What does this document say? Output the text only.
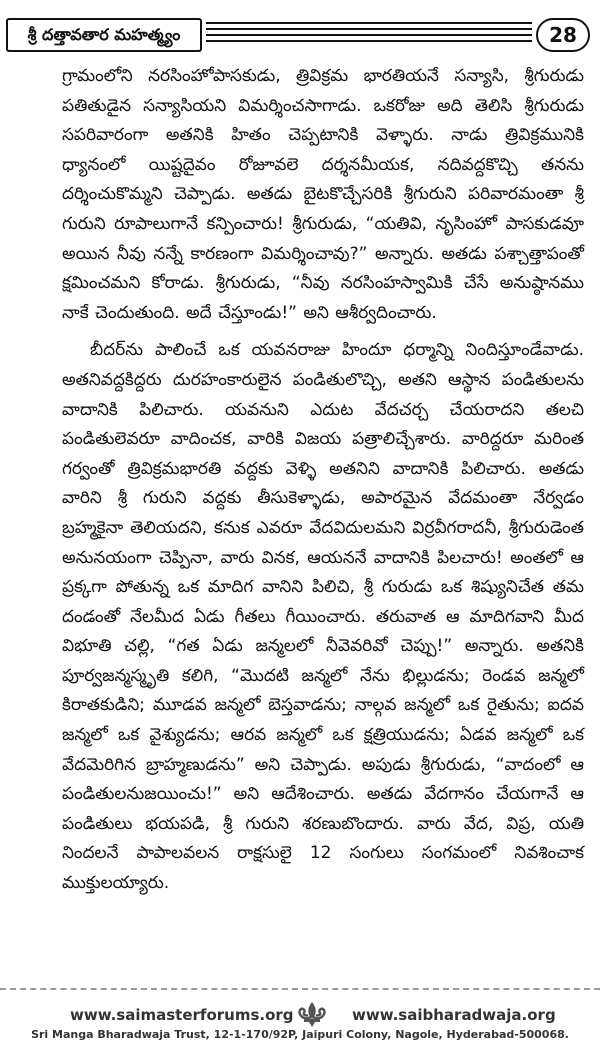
శ్రీ దత్తావతార మహత్మ్యం	28

గ్రామంలోని నరసింహోపాసకుడు, త్రివిక్రమ భారతియనే సన్యాసి, శ్రీగురుడు పతితుడైన సన్యాసియని విమర్శించసాగాడు. ఒకరోజు అది తెలిసి శ్రీగురుడు సపరివారంగా అతనికి హితం చెప్పటానికి వెళ్ళారు. నాడు త్రివిక్రమునికి ధ్యానంలో యిష్టదైవం రోజూవలె దర్శనమీయక, నదివద్దకొచ్చి తనను దర్శించుకొమ్మని చెప్పాడు. అతడు బైటకొచ్చేసరికి శ్రీగురుని పరివారమంతా శ్రీ గురుని రూపాలుగానే కన్పించారు! శ్రీగురుడు, “యతివి, నృసింహో పాసకుడవూ అయిన నీవు నన్నే కారణంగా విమర్శించావు?” అన్నారు. అతడు పశ్చాత్తాపంతో క్షమించమని కోరాడు. శ్రీగురుడు, “నీవు నరసింహస్వామికి చేసే అనుష్ఠానము నాకే చెందుతుంది. అదే చేస్తూండు!” అని ఆశీర్వదించారు.

బీదర్‌ను పాలించే ఒక యవనరాజు హిందూ ధర్మాన్ని నిందిస్తూండేవాడు. అతనివద్దకిద్దరు దురహంకారులైన పండితులొచ్చి, అతని ఆస్థాన పండితులను వాదానికి పిలిచారు. యవనుని ఎదుట వేదచర్చ చేయరాదని తలచి పండితులెవరూ వాదించక, వారికి విజయ పత్రాలిచ్చేశారు. వారిద్దరూ మరింత గర్వంతో త్రివిక్రమభారతి వద్దకు వెళ్ళి అతనిని వాదానికి పిలిచారు. అతడు వారిని శ్రీ గురుని వద్దకు తీసుకెళ్ళాడు, అపారమైన వేదమంతా నేర్వడం బ్రహ్మకైనా తెలియదని, కనుక ఎవరూ వేదవిదులమని విర్రవీగరాదనీ, శ్రీగురుడెంత అనునయంగా చెప్పినా, వారు వినక, ఆయననే వాదానికి పిలచారు! అంతలో ఆ ప్రక్కగా పోతున్న ఒక మాదిగ వానిని పిలిచి, శ్రీ గురుడు ఒక శిష్యునిచేత తమ దండంతో నేలమీద ఏడు గీతలు గీయించారు. తరువాత ఆ మాదిగవాని మీద విభూతి చల్లి, “గత ఏడు జన్మలలో నీవెవరివో చెప్పు!” అన్నారు. అతనికి పూర్వజన్మస్మృతి కలిగి, “మొదటి జన్మలో నేను భిల్లుడను; రెండవ జన్మలో కిరాతకుడిని; మూడవ జన్మలో బెస్తవాడను; నాల్గవ జన్మలో ఒక రైతును; ఐదవ జన్మలో ఒక వైశ్యుడను; ఆరవ జన్మలో ఒక క్షత్రియుడను; ఏడవ జన్మలో ఒక వేదమెరిగిన బ్రాహ్మణుడను” అని చెప్పాడు. అపుడు శ్రీగురుడు, “వాదంలో ఆ పండితులనుజయించు!” అని ఆదేశించారు. అతడు వేదగానం చేయగానే ఆ పండితులు భయపడి, శ్రీ గురుని శరణుబొందారు. వారు వేద, విప్ర, యతి నిందలనే పాపాలవలన రాక్షసులై 12 సంగులు సంగమంలో నివశించాక ముక్తులయ్యారు.

www.saimasterforums.org	www.saibharadwaja.org
Sri Manga Bharadwaja Trust, 12-1-170/92P, Jaipuri Colony, Nagole, Hyderabad-500068.
